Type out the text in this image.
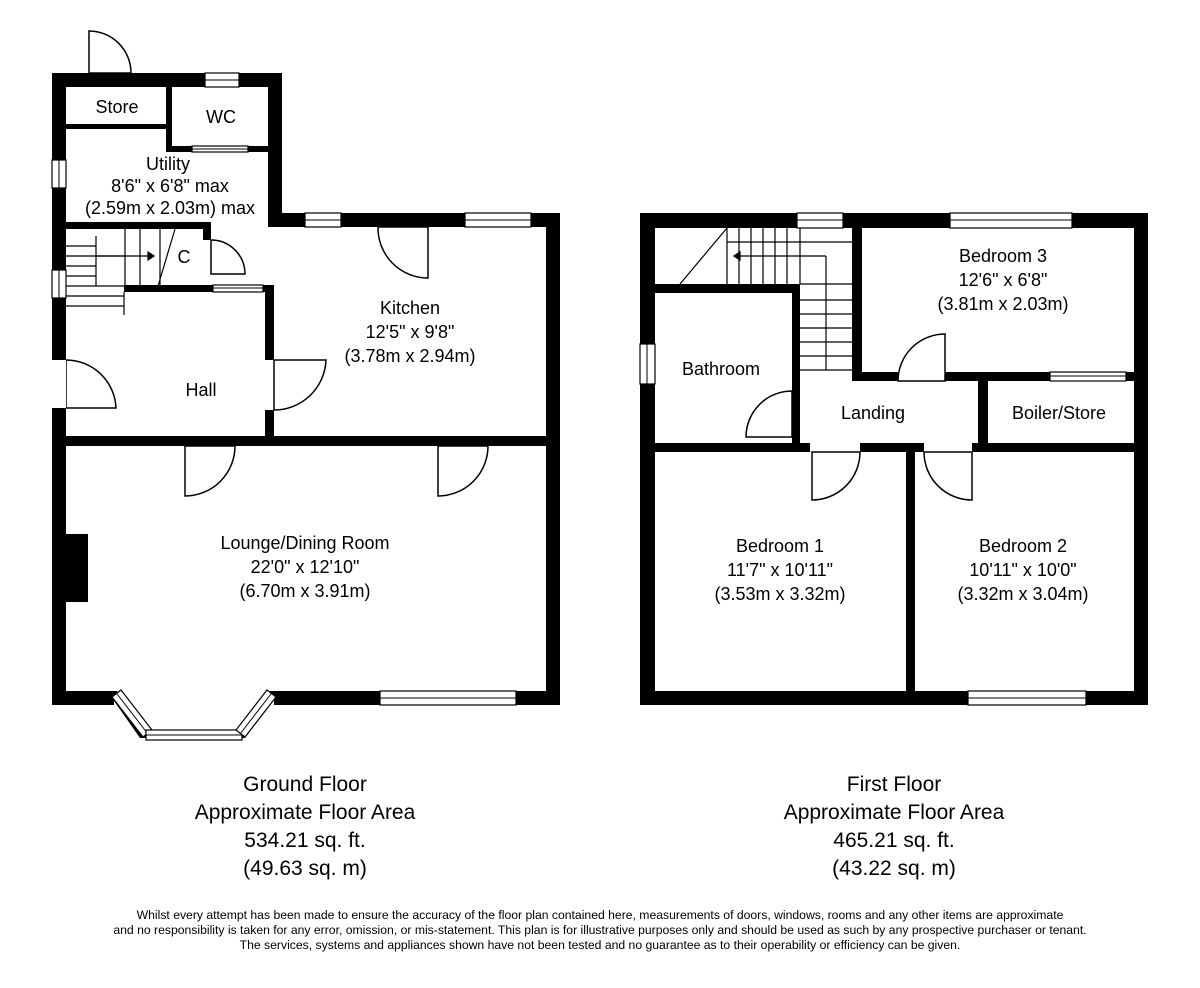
Store	WC
Utility
8'6" x 6'8" max
(2.59m x 2.03m) max
C
Hall
Kitchen
12'5" x 9'8"
(3.78m x 2.94m)
Lounge/Dining Room
22'0" x 12'10"
(6.70m x 3.91m)
Ground Floor
Approximate Floor Area
534.21 sq. ft.
(49.63 sq. m)
Bedroom 3
12'6" x 6'8"
(3.81m x 2.03m)
Bathroom
Landing	Boiler/Store
Bedroom 1
11'7" x 10'11"
(3.53m x 3.32m)
Bedroom 2
10'11" x 10'0"
(3.32m x 3.04m)
First Floor
Approximate Floor Area
465.21 sq. ft.
(43.22 sq. m)
Whilst every attempt has been made to ensure the accuracy of the floor plan contained here, measurements of doors, windows, rooms and any other items are approximate
and no responsibility is taken for any error, omission, or mis-statement. This plan is for illustrative purposes only and should be used as such by any prospective purchaser or tenant.
The services, systems and appliances shown have not been tested and no guarantee as to their operability or efficiency can be given.
